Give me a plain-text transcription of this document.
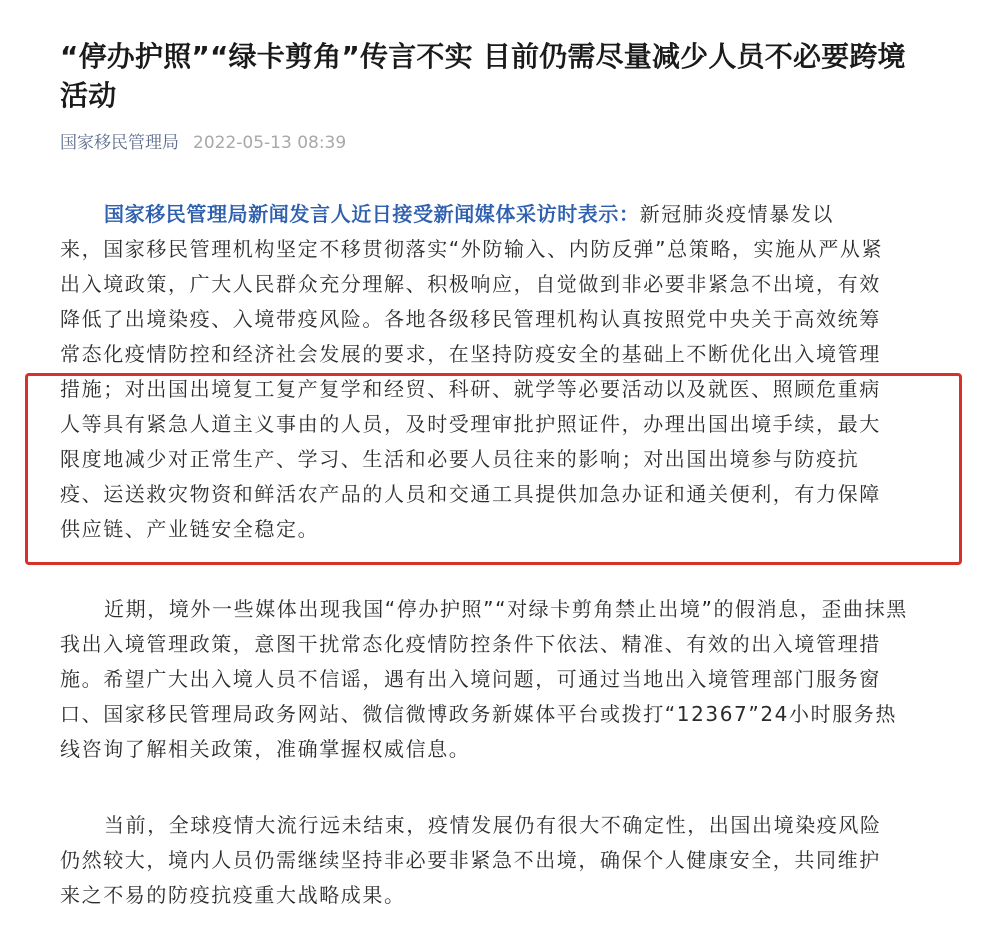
“停办护照”“绿卡剪角”传言不实 目前仍需尽量减少人员不必要跨境
活动
国家移民管理局 2022-05-13 08:39
国家移民管理局新闻发言人近日接受新闻媒体采访时表示：新冠肺炎疫情暴发以
来，国家移民管理机构坚定不移贯彻落实“外防输入、内防反弹”总策略，实施从严从紧
出入境政策，广大人民群众充分理解、积极响应，自觉做到非必要非紧急不出境，有效
降低了出境染疫、入境带疫风险。各地各级移民管理机构认真按照党中央关于高效统筹
常态化疫情防控和经济社会发展的要求，在坚持防疫安全的基础上不断优化出入境管理
措施；对出国出境复工复产复学和经贸、科研、就学等必要活动以及就医、照顾危重病
人等具有紧急人道主义事由的人员，及时受理审批护照证件，办理出国出境手续，最大
限度地减少对正常生产、学习、生活和必要人员往来的影响；对出国出境参与防疫抗
疫、运送救灾物资和鲜活农产品的人员和交通工具提供加急办证和通关便利，有力保障
供应链、产业链安全稳定。
近期，境外一些媒体出现我国“停办护照”“对绿卡剪角禁止出境”的假消息，歪曲抹黑
我出入境管理政策，意图干扰常态化疫情防控条件下依法、精准、有效的出入境管理措
施。希望广大出入境人员不信谣，遇有出入境问题，可通过当地出入境管理部门服务窗
口、国家移民管理局政务网站、微信微博政务新媒体平台或拨打“12367”24小时服务热
线咨询了解相关政策，准确掌握权威信息。
当前，全球疫情大流行远未结束，疫情发展仍有很大不确定性，出国出境染疫风险
仍然较大，境内人员仍需继续坚持非必要非紧急不出境，确保个人健康安全，共同维护
来之不易的防疫抗疫重大战略成果。
